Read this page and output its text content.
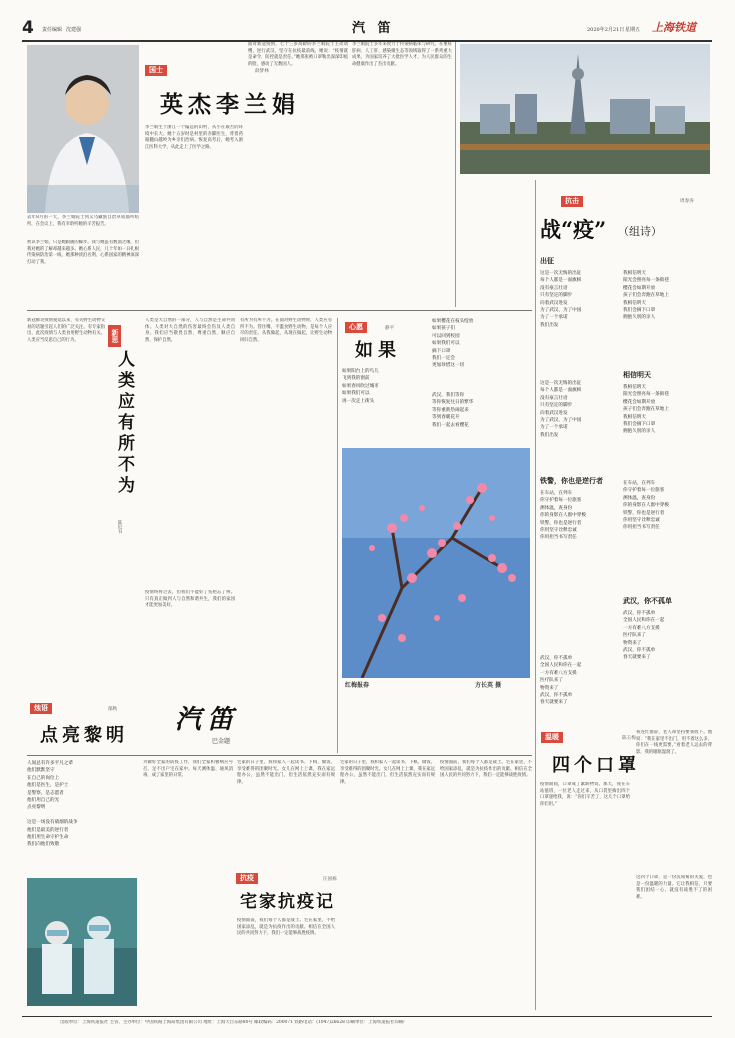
4 责任编辑 沈建强	汽 笛	2020年2月21日 星期五 上海铁道
国士	薛梦林
英杰李兰娟
去年8月的一天，李兰娟院士到义乌藏族自治草成都所结所，在会议上，我有幸聆听她的辛苦报告。
初识李兰娟，只是她跟随的脚步。我与她虽有数面之缘，但我对她的了解却越来越多。她心系人民，几十年如一日扎根传染病防治第一线，她那种淡泊名利、心系国家的精神深深打动了我。
李兰娟生于浙江一个偏远的山村，从小在艰苦的环境中长大。她十五岁时是村里的赤脚医生，背着药箱翻山越岭为乡亲们治病。恢复高考后，她考入浙江医科大学，从此走上了医学之路。
面对新冠疫情，七十三岁高龄的李兰娟院士主动请缨，逆行武汉，坚守在抗疫最前线。她说：“疫情就是命令，防控就是责任。”她那张被口罩勒出深深印痕的脸，感动了无数国人。
李兰娟院士多年来致力于传染病临床与研究，在重症肝病、人工肝、感染微生态等领域取得了一系列重大成果，为国家培养了大批医学人才，为人民群众的生命健康作出了杰出贡献。
抗击	周春涛
战“疫” （组诗）
出征
这是一次无悔的出征
每个人都是一面旗帜
没有豪言壮语
只有坚定的脚步
向着武汉进发
为了武汉，为了中国
为了一个承诺
我们出发
我相信明天
阳光会照亮每一条街巷
樱花会如期开放
孩子们会奔跑在草地上
我相信明天
我们会摘下口罩
拥抱久别的亲人
相信明天
这是一次无悔的出征
每个人都是一面旗帜
没有豪言壮语
只有坚定的脚步
向着武汉进发
为了武汉，为了中国
为了一个承诺
我们出发
我相信明天
阳光会照亮每一条街巷
樱花会如期开放
孩子们会奔跑在草地上
我相信明天
我们会摘下口罩
拥抱久别的亲人
铁警，你也是逆行者
在车站，在列车
你守护着每一位旅客
测体温，查身份
你的身影在人群中穿梭
铁警，你也是逆行者
你用坚守诠释忠诚
你用担当书写责任
在车站，在列车
你守护着每一位旅客
测体温，查身份
你的身影在人群中穿梭
铁警，你也是逆行者
你用坚守诠释忠诚
你用担当书写责任
武汉，你不孤单
武汉，你不孤单
全国人民和你在一起
一方有难八方支援
医疗队来了
物资来了
武汉，你不孤单
春天就要来了
武汉，你不孤单
全国人民和你在一起
一方有难八方支援
医疗队来了
物资来了
武汉，你不孤单
春天就要来了
新思
人类应有所不为
陈纪书
新冠肺炎疫情蔓延以来，有关野生动物交易的话题引起人们的广泛关注。有专家指出，此次疫情与人类食用野生动物有关。人类应当反思自己的行为。
人类是大自然的一部分，人与自然是生命共同体。人类对大自然的伤害最终会伤及人类自身。我们应当敬畏自然、尊重自然、顺应自然、保护自然。
有所为有所不为。在面对野生动物时，人类应有所不为。管住嘴，不滥食野生动物，是每个人应尽的责任。从我做起，从现在做起，让野生动物回归自然。
疫情终将过去，但我们不能好了伤疤忘了疼。只有真正做到人与自然和谐共生，我们的家园才能更加美好。
心愿	静平
如果
如果阳台上的鸟儿
飞到我的窗前
如果春风吹过城市
如果我们可以
再一次走上街头
如果樱花在枝头绽放
如果孩子们
可以回到校园
如果我们可以
摘下口罩
我们一定会
更加珍惜这一切
武汉，我们等你
等你恢复往日的繁华
等你重新热闹起来
等到春暖花开
我们一起去看樱花
汽笛
巴金题
红梅报春	方长英 摄
烛语	郁秋
点亮黎明
人间总有许多平凡之辈
他们默默坚守
在自己的岗位上
他们是医生，是护士
是警察，是志愿者
他们用自己的光
点亮黎明

这是一场没有硝烟的战争
他们是最美的逆行者
他们用生命守护生命
我们向他们致敬
抗疫	汪国栋
宅家抗疫记
为做好全家的防疫工作，我们全家积极响应号召，足不出户宅在家中。每天测体温、通风消毒，成了家里的日常。
宅家的日子里，我和家人一起读书、下棋、做饭，享受难得的团聚时光。女儿在网上上课，我在家远程办公，虽然不能出门，但生活依然充实而有规律。
疫情面前，我们每个人都是战士。宅在家里，不给国家添乱，就是为抗疫作出的贡献。相信在全国人民的共同努力下，我们一定能够战胜疫情。
宅家的日子里，我和家人一起读书、下棋、做饭，享受难得的团聚时光。女儿在网上上课，我在家远程办公，虽然不能出门，但生活依然充实而有规律。
疫情面前，我们每个人都是战士。宅在家里，不给国家添乱，就是为抗疫作出的贡献。相信在全国人民的共同努力下，我们一定能够战胜疫情。
温暖	陈玉梅
四个口罩
疫情期间，口罩成了紧缺物资。那天，我在车站值班，一位老人走过来，从口袋里掏出四个口罩递给我，说：“你们辛苦了，这几个口罩给你们用。”
我连忙推辞，老人却坚持要我收下。他说：“我在家里不出门，用不着这么多，你们在一线更需要。”看着老人远去的背影，我的眼眶湿润了。
这四个口罩，是一份沉甸甸的关爱，也是一份温暖的力量。它让我相信，只要我们团结一心，就没有战胜不了的困难。
出版单位：上海铁道报社 主管、主办单位：中国铁路上海局集团有限公司 地址：上海天目东路80号 邮政编码：200071 铁路电话：(1047)26628 印刷单位：上海铁道报社印刷厂
